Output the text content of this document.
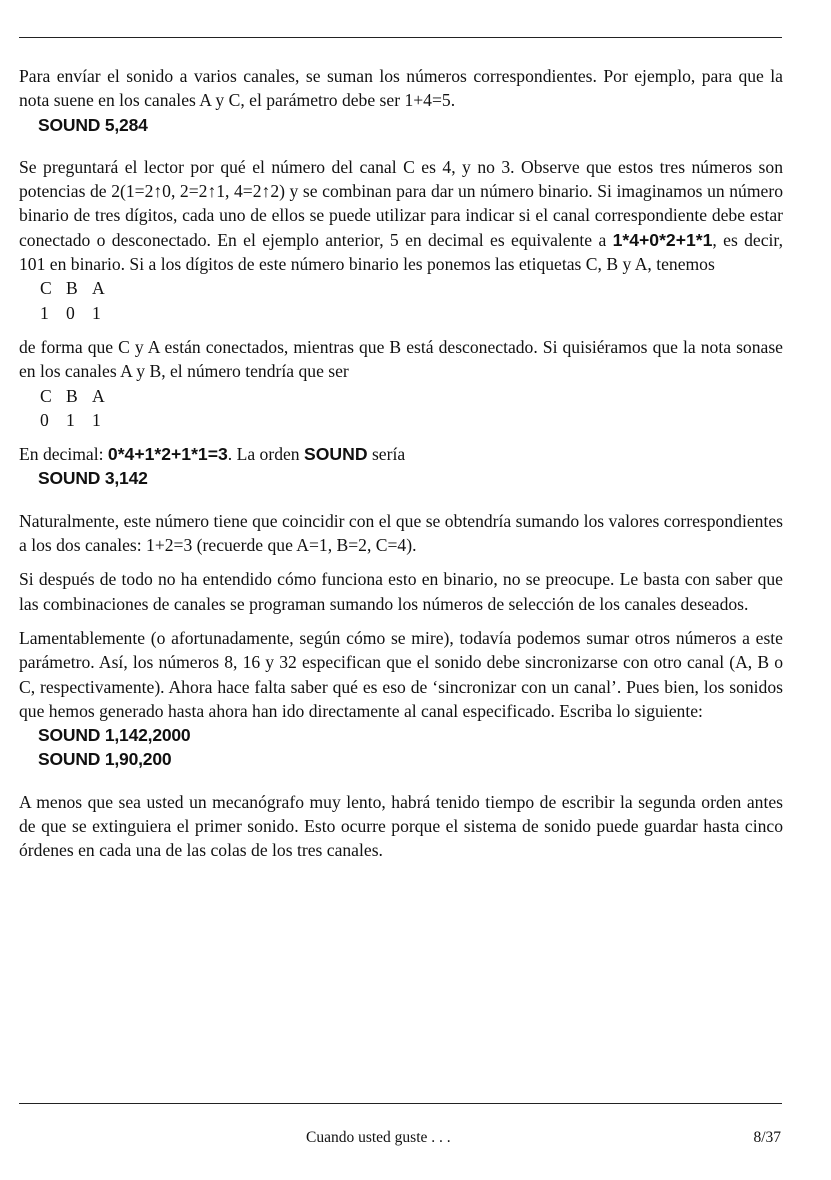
Para envíar el sonido a varios canales, se suman los números correspondientes. Por ejemplo, para que la nota suene en los canales A y C, el parámetro debe ser 1+4=5.

SOUND 5,284

Se preguntará el lector por qué el número del canal C es 4, y no 3. Observe que estos tres números son potencias de 2(1=2↑0, 2=2↑1, 4=2↑2) y se combinan para dar un número binario. Si imaginamos un número binario de tres dígitos, cada uno de ellos se puede utilizar para indicar si el canal correspondiente debe estar conectado o desconectado. En el ejemplo anterior, 5 en decimal es equivalente a 1*4+0*2+1*1, es decir, 101 en binario. Si a los dígitos de este número binario les ponemos las etiquetas C, B y A, tenemos

C B A
1 0 1

de forma que C y A están conectados, mientras que B está desconectado. Si quisiéramos que la nota sonase en los canales A y B, el número tendría que ser

C B A
0 1 1

En decimal: 0*4+1*2+1*1=3. La orden SOUND sería

SOUND 3,142

Naturalmente, este número tiene que coincidir con el que se obtendría sumando los valores correspondientes a los dos canales: 1+2=3 (recuerde que A=1, B=2, C=4).

Si después de todo no ha entendido cómo funciona esto en binario, no se preocupe. Le basta con saber que las combinaciones de canales se programan sumando los números de selección de los canales deseados.

Lamentablemente (o afortunadamente, según cómo se mire), todavía podemos sumar otros números a este parámetro. Así, los números 8, 16 y 32 especifican que el sonido debe sincronizarse con otro canal (A, B o C, respectivamente). Ahora hace falta saber qué es eso de ‘sincronizar con un canal’. Pues bien, los sonidos que hemos generado hasta ahora han ido directamente al canal especificado. Escriba lo siguiente:

SOUND 1,142,2000
SOUND 1,90,200

A menos que sea usted un mecanógrafo muy lento, habrá tenido tiempo de escribir la segunda orden antes de que se extinguiera el primer sonido. Esto ocurre porque el sistema de sonido puede guardar hasta cinco órdenes en cada una de las colas de los tres canales.

Cuando usted guste . . .	8/37
